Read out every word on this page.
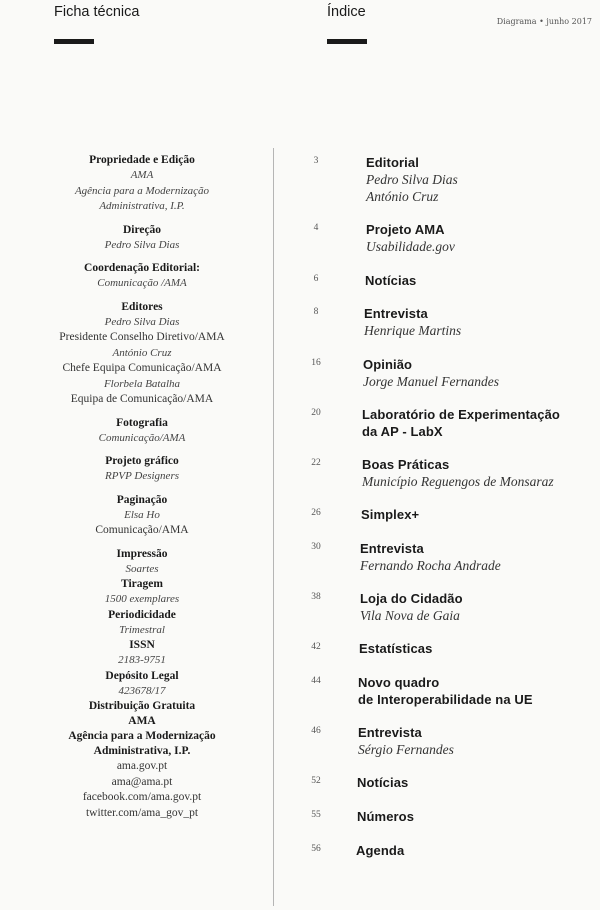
Ficha técnica	Índice
Diagrama • junho 2017
Propriedade e Edição
AMA
Agência para a Modernização
Administrativa, I.P.
Direção
Pedro Silva Dias
Coordenação Editorial:
Comunicação /AMA
Editores
Pedro Silva Dias
Presidente Conselho Diretivo/AMA
António Cruz
Chefe Equipa Comunicação/AMA
Florbela Batalha
Equipa de Comunicação/AMA
Fotografia
Comunicação/AMA
Projeto gráfico
RPVP Designers
Paginação
Elsa Ho
Comunicação/AMA
Impressão
Soartes
Tiragem
1500 exemplares
Periodicidade
Trimestral
ISSN
2183-9751
Depósito Legal
423678/17
Distribuição Gratuita
AMA
Agência para a Modernização
Administrativa, I.P.
ama.gov.pt
ama@ama.pt
facebook.com/ama.gov.pt
twitter.com/ama_gov_pt
3	Editorial
Pedro Silva Dias
António Cruz
4	Projeto AMA
Usabilidade.gov
6	Notícias
8	Entrevista
Henrique Martins
16	Opinião
Jorge Manuel Fernandes
20	Laboratório de Experimentação
da AP - LabX
22	Boas Práticas
Município Reguengos de Monsaraz
26	Simplex+
30	Entrevista
Fernando Rocha Andrade
38	Loja do Cidadão
Vila Nova de Gaia
42	Estatísticas
44	Novo quadro
de Interoperabilidade na UE
46	Entrevista
Sérgio Fernandes
52	Notícias
55	Números
56	Agenda
